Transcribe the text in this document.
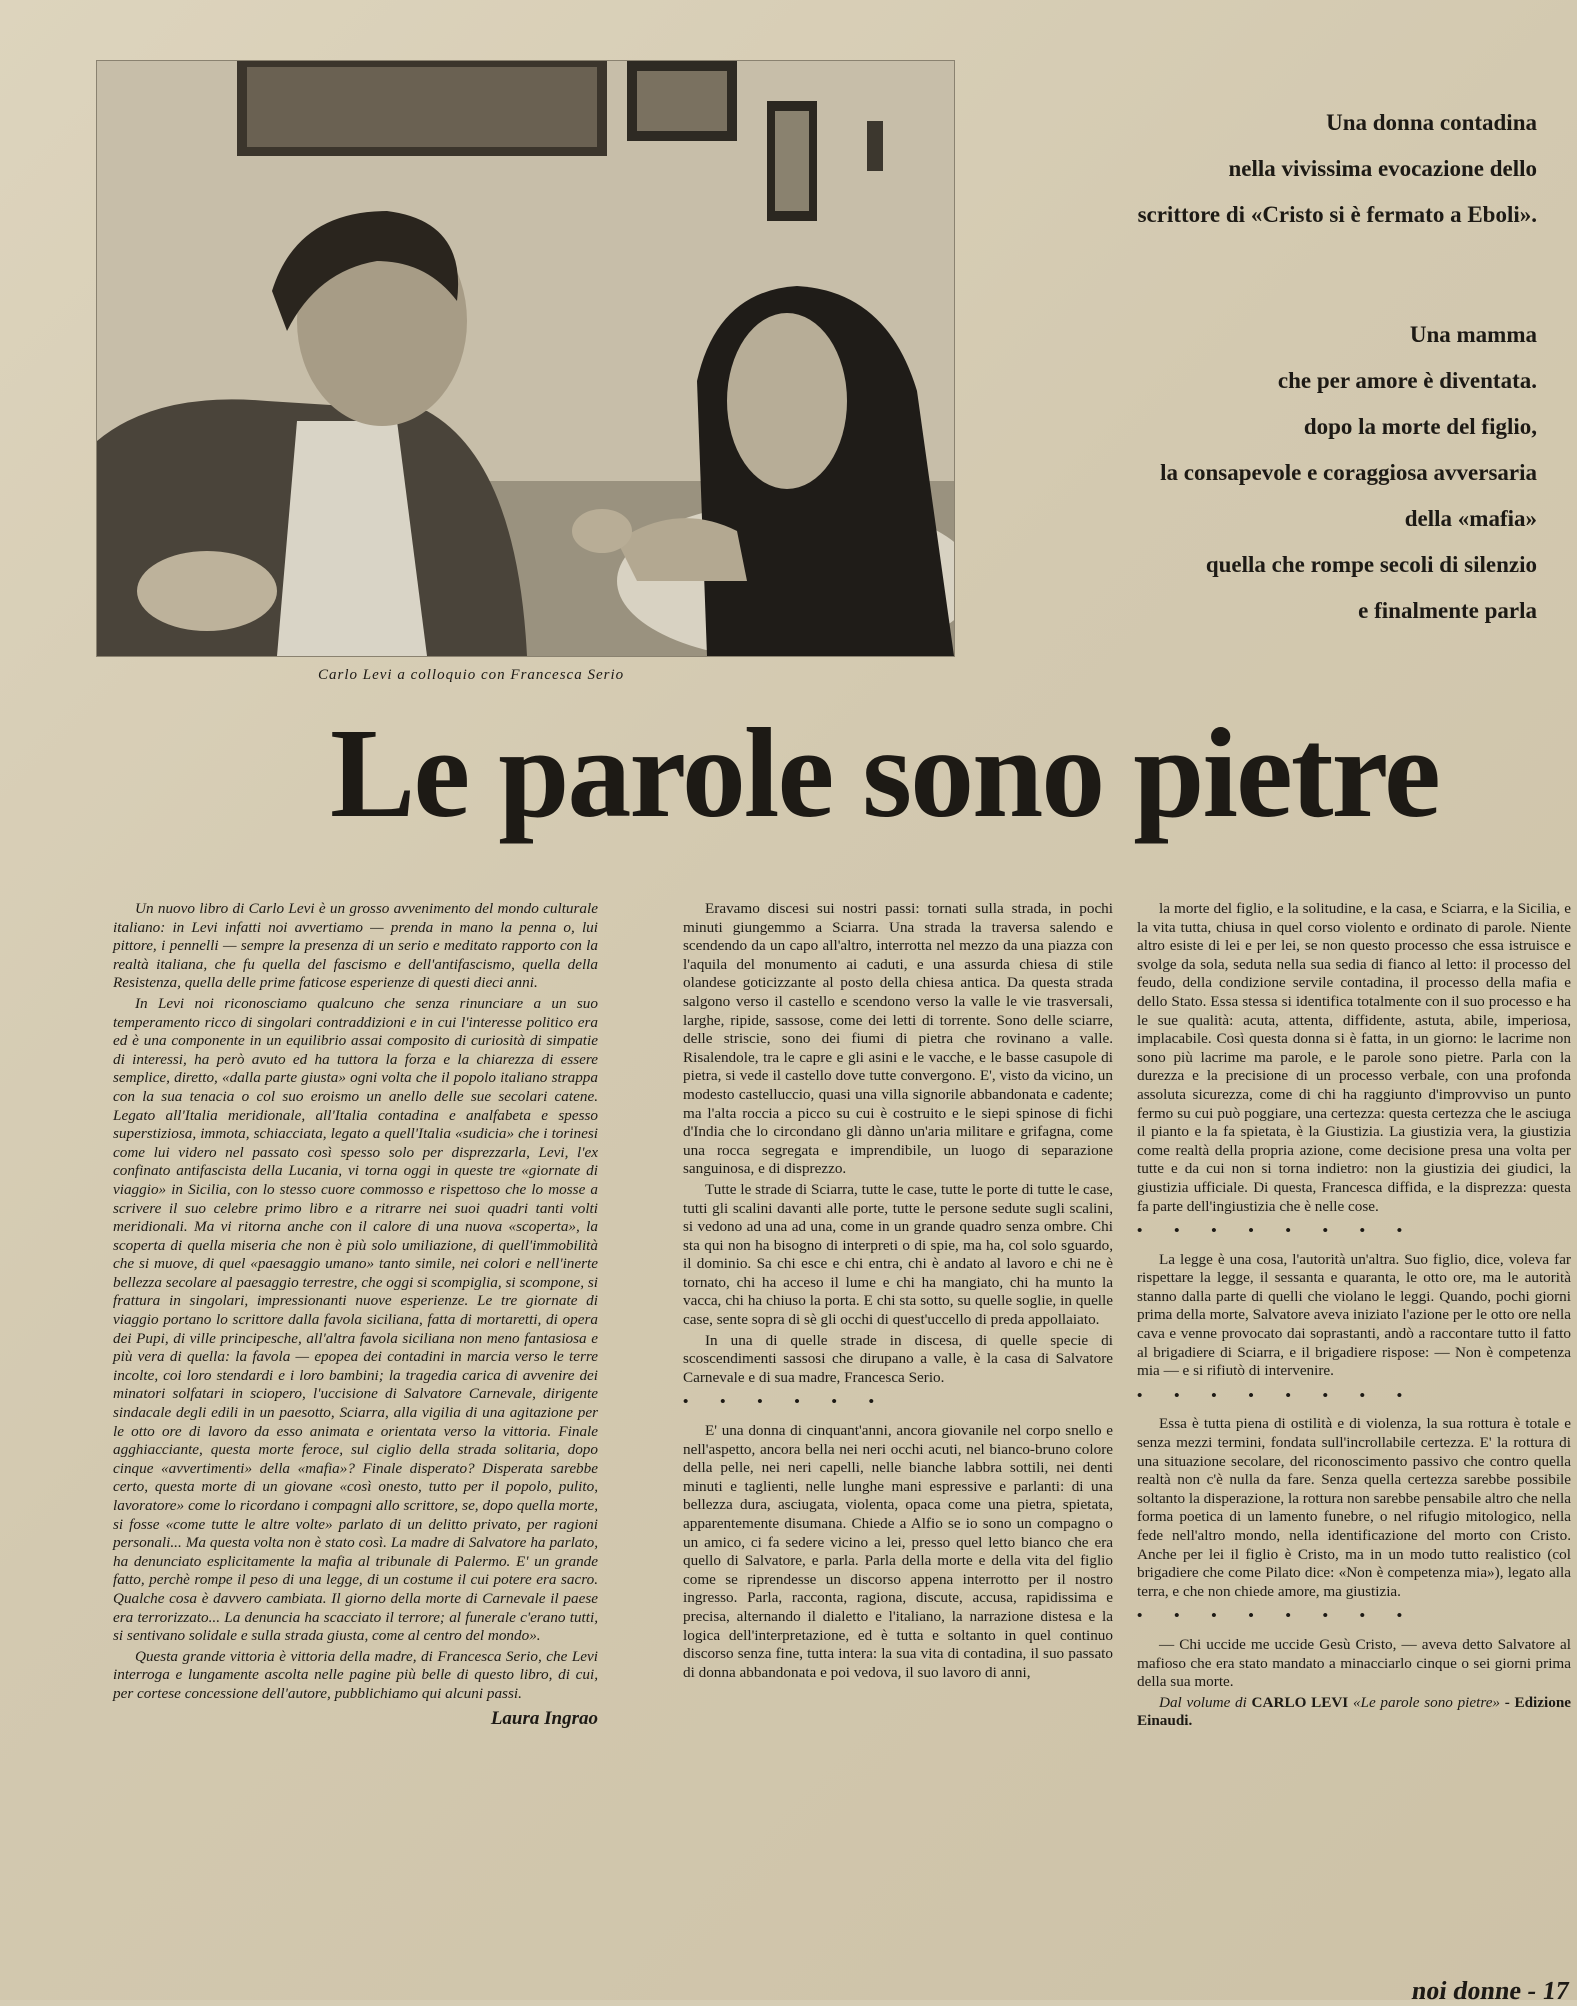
Carlo Levi a colloquio con Francesca Serio

Una donna contadina

nella vivissima evocazione dello

scrittore di «Cristo si è fermato a Eboli».

Una mamma

che per amore è diventata.

dopo la morte del figlio,

la consapevole e coraggiosa avversaria

della «mafia»

quella che rompe secoli di silenzio

e finalmente parla

Le parole sono pietre

Un nuovo libro di Carlo Levi è un grosso avvenimento del mondo culturale italiano: in Levi infatti noi avvertiamo — prenda in mano la penna o, lui pittore, i pennelli — sempre la presenza di un serio e meditato rapporto con la realtà italiana, che fu quella del fascismo e dell'antifascismo, quella della Resistenza, quella delle prime faticose esperienze di questi dieci anni.

In Levi noi riconosciamo qualcuno che senza rinunciare a un suo temperamento ricco di singolari contraddizioni e in cui l'interesse politico era ed è una componente in un equilibrio assai composito di curiosità di simpatie di interessi, ha però avuto ed ha tuttora la forza e la chiarezza di essere semplice, diretto, «dalla parte giusta» ogni volta che il popolo italiano strappa con la sua tenacia o col suo eroismo un anello delle sue secolari catene. Legato all'Italia meridionale, all'Italia contadina e analfabeta e spesso superstiziosa, immota, schiacciata, legato a quell'Italia «sudicia» che i torinesi come lui videro nel passato così spesso solo per disprezzarla, Levi, l'ex confinato antifascista della Lucania, vi torna oggi in queste tre «giornate di viaggio» in Sicilia, con lo stesso cuore commosso e rispettoso che lo mosse a scrivere il suo celebre primo libro e a ritrarre nei suoi quadri tanti volti meridionali. Ma vi ritorna anche con il calore di una nuova «scoperta», la scoperta di quella miseria che non è più solo umiliazione, di quell'immobilità che si muove, di quel «paesaggio umano» tanto simile, nei colori e nell'inerte bellezza secolare al paesaggio terrestre, che oggi si scompiglia, si scompone, si frattura in singolari, impressionanti nuove esperienze. Le tre giornate di viaggio portano lo scrittore dalla favola siciliana, fatta di mortaretti, di opera dei Pupi, di ville principesche, all'altra favola siciliana non meno fantasiosa e più vera di quella: la favola — epopea dei contadini in marcia verso le terre incolte, coi loro stendardi e i loro bambini; la tragedia carica di avvenire dei minatori solfatari in sciopero, l'uccisione di Salvatore Carnevale, dirigente sindacale degli edili in un paesotto, Sciarra, alla vigilia di una agitazione per le otto ore di lavoro da esso animata e orientata verso la vittoria. Finale agghiacciante, questa morte feroce, sul ciglio della strada solitaria, dopo cinque «avvertimenti» della «mafia»? Finale disperato? Disperata sarebbe certo, questa morte di un giovane «così onesto, tutto per il popolo, pulito, lavoratore» come lo ricordano i compagni allo scrittore, se, dopo quella morte, si fosse «come tutte le altre volte» parlato di un delitto privato, per ragioni personali... Ma questa volta non è stato così. La madre di Salvatore ha parlato, ha denunciato esplicitamente la mafia al tribunale di Palermo. E' un grande fatto, perchè rompe il peso di una legge, di un costume il cui potere era sacro. Qualche cosa è davvero cambiata. Il giorno della morte di Carnevale il paese era terrorizzato... La denuncia ha scacciato il terrore; al funerale c'erano tutti, si sentivano solidale e sulla strada giusta, come al centro del mondo».

Questa grande vittoria è vittoria della madre, di Francesca Serio, che Levi interroga e lungamente ascolta nelle pagine più belle di questo libro, di cui, per cortese concessione dell'autore, pubblichiamo qui alcuni passi.

Laura Ingrao

Eravamo discesi sui nostri passi: tornati sulla strada, in pochi minuti giungemmo a Sciarra. Una strada la traversa salendo e scendendo da un capo all'altro, interrotta nel mezzo da una piazza con l'aquila del monumento ai caduti, e una assurda chiesa di stile olandese goticizzante al posto della chiesa antica. Da questa strada salgono verso il castello e scendono verso la valle le vie trasversali, larghe, ripide, sassose, come dei letti di torrente. Sono delle sciarre, delle striscie, sono dei fiumi di pietra che rovinano a valle. Risalendole, tra le capre e gli asini e le vacche, e le basse casupole di pietra, si vede il castello dove tutte convergono. E', visto da vicino, un modesto castelluccio, quasi una villa signorile abbandonata e cadente; ma l'alta roccia a picco su cui è costruito e le siepi spinose di fichi d'India che lo circondano gli dànno un'aria militare e grifagna, come una rocca segregata e imprendibile, un luogo di separazione sanguinosa, e di disprezzo.

Tutte le strade di Sciarra, tutte le case, tutte le porte di tutte le case, tutti gli scalini davanti alle porte, tutte le persone sedute sugli scalini, si vedono ad una ad una, come in un grande quadro senza ombre. Chi sta qui non ha bisogno di interpreti o di spie, ma ha, col solo sguardo, il dominio. Sa chi esce e chi entra, chi è andato al lavoro e chi ne è tornato, chi ha acceso il lume e chi ha mangiato, chi ha munto la vacca, chi ha chiuso la porta. E chi sta sotto, su quelle soglie, in quelle case, sente sopra di sè gli occhi di quest'uccello di preda appollaiato.

In una di quelle strade in discesa, di quelle specie di scoscendimenti sassosi che dirupano a valle, è la casa di Salvatore Carnevale e di sua madre, Francesca Serio.

• • • • • •

E' una donna di cinquant'anni, ancora giovanile nel corpo snello e nell'aspetto, ancora bella nei neri occhi acuti, nel bianco-bruno colore della pelle, nei neri capelli, nelle bianche labbra sottili, nei denti minuti e taglienti, nelle lunghe mani espressive e parlanti: di una bellezza dura, asciugata, violenta, opaca come una pietra, spietata, apparentemente disumana. Chiede a Alfio se io sono un compagno o un amico, ci fa sedere vicino a lei, presso quel letto bianco che era quello di Salvatore, e parla. Parla della morte e della vita del figlio come se riprendesse un discorso appena interrotto per il nostro ingresso. Parla, racconta, ragiona, discute, accusa, rapidissima e precisa, alternando il dialetto e l'italiano, la narrazione distesa e la logica dell'interpretazione, ed è tutta e soltanto in quel continuo discorso senza fine, tutta intera: la sua vita di contadina, il suo passato di donna abbandonata e poi vedova, il suo lavoro di anni,

la morte del figlio, e la solitudine, e la casa, e Sciarra, e la Sicilia, e la vita tutta, chiusa in quel corso violento e ordinato di parole. Niente altro esiste di lei e per lei, se non questo processo che essa istruisce e svolge da sola, seduta nella sua sedia di fianco al letto: il processo del feudo, della condizione servile contadina, il processo della mafia e dello Stato. Essa stessa si identifica totalmente con il suo processo e ha le sue qualità: acuta, attenta, diffidente, astuta, abile, imperiosa, implacabile. Così questa donna si è fatta, in un giorno: le lacrime non sono più lacrime ma parole, e le parole sono pietre. Parla con la durezza e la precisione di un processo verbale, con una profonda assoluta sicurezza, come di chi ha raggiunto d'improvviso un punto fermo su cui può poggiare, una certezza: questa certezza che le asciuga il pianto e la fa spietata, è la Giustizia. La giustizia vera, la giustizia come realtà della propria azione, come decisione presa una volta per tutte e da cui non si torna indietro: non la giustizia dei giudici, la giustizia ufficiale. Di questa, Francesca diffida, e la disprezza: questa fa parte dell'ingiustizia che è nelle cose.

• • • • • • • •

La legge è una cosa, l'autorità un'altra. Suo figlio, dice, voleva far rispettare la legge, il sessanta e quaranta, le otto ore, ma le autorità stanno dalla parte di quelli che violano le leggi. Quando, pochi giorni prima della morte, Salvatore aveva iniziato l'azione per le otto ore nella cava e venne provocato dai soprastanti, andò a raccontare tutto il fatto al brigadiere di Sciarra, e il brigadiere rispose: — Non è competenza mia — e si rifiutò di intervenire.

• • • • • • • •

Essa è tutta piena di ostilità e di violenza, la sua rottura è totale e senza mezzi termini, fondata sull'incrollabile certezza. E' la rottura di una situazione secolare, del riconoscimento passivo che contro quella realtà non c'è nulla da fare. Senza quella certezza sarebbe possibile soltanto la disperazione, la rottura non sarebbe pensabile altro che nella forma poetica di un lamento funebre, o nel rifugio mitologico, nella fede nell'altro mondo, nella identificazione del morto con Cristo. Anche per lei il figlio è Cristo, ma in un modo tutto realistico (col brigadiere che come Pilato dice: «Non è competenza mia»), legato alla terra, e che non chiede amore, ma giustizia.

• • • • • • • •

— Chi uccide me uccide Gesù Cristo, — aveva detto Salvatore al mafioso che era stato mandato a minacciarlo cinque o sei giorni prima della sua morte.

Dal volume di CARLO LEVI «Le parole sono pietre» - Edizione Einaudi.

noi donne - 17
